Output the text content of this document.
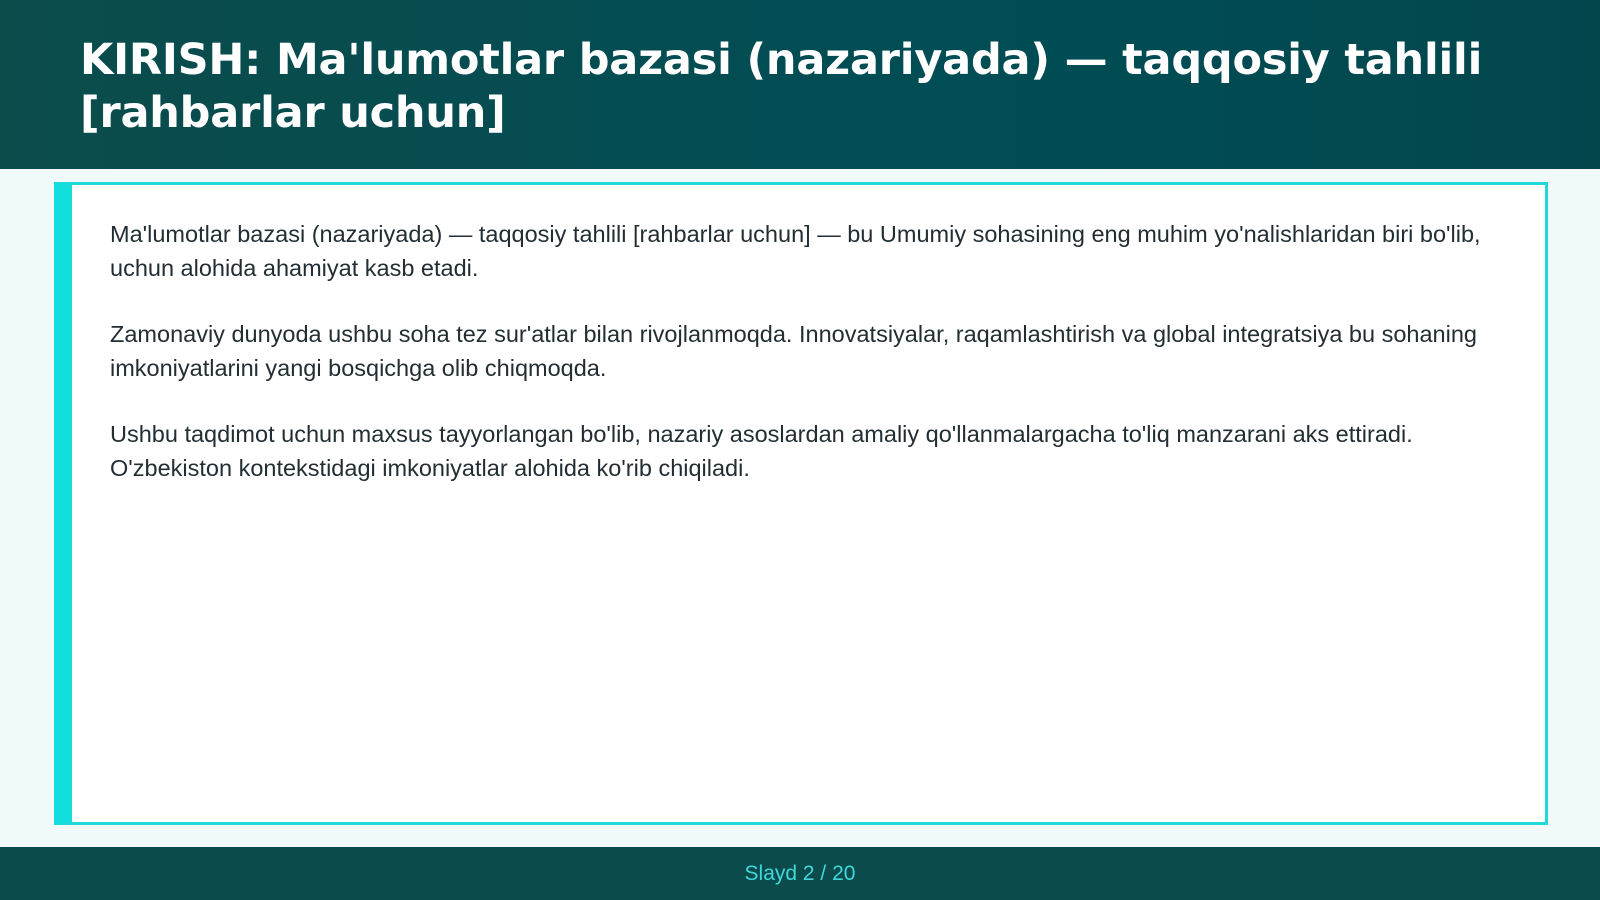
KIRISH: Ma'lumotlar bazasi (nazariyada) — taqqosiy tahlili [rahbarlar uchun]

Ma'lumotlar bazasi (nazariyada) — taqqosiy tahlili [rahbarlar uchun] — bu Umumiy sohasining eng muhim yo'nalishlaridan biri bo'lib, uchun alohida ahamiyat kasb etadi.

Zamonaviy dunyoda ushbu soha tez sur'atlar bilan rivojlanmoqda. Innovatsiyalar, raqamlashtirish va global integratsiya bu sohaning imkoniyatlarini yangi bosqichga olib chiqmoqda.

Ushbu taqdimot uchun maxsus tayyorlangan bo'lib, nazariy asoslardan amaliy qo'llanmalargacha to'liq manzarani aks ettiradi. O'zbekiston kontekstidagi imkoniyatlar alohida ko'rib chiqiladi.

Slayd 2 / 20
